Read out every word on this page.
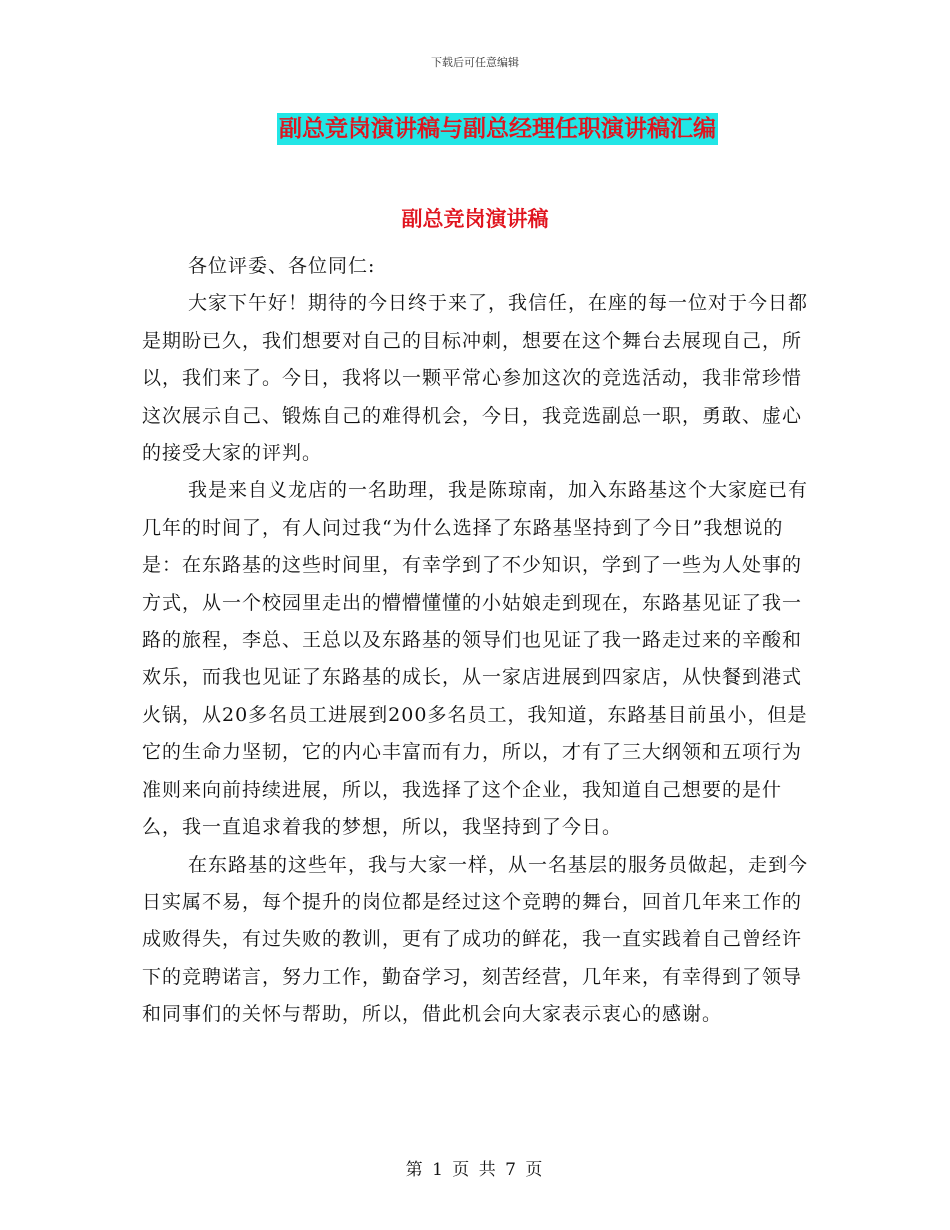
下载后可任意编辑
副总竞岗演讲稿与副总经理任职演讲稿汇编
副总竞岗演讲稿

各位评委、各位同仁:

大家下午好！期待的今日终于来了，我信任，在座的每一位对于今日都是期盼已久，我们想要对自己的目标冲刺，想要在这个舞台去展现自己，所以，我们来了。今日，我将以一颗平常心参加这次的竞选活动，我非常珍惜这次展示自己、锻炼自己的难得机会，今日，我竞选副总一职，勇敢、虚心的接受大家的评判。

我是来自义龙店的一名助理，我是陈琼南，加入东路基这个大家庭已有几年的时间了，有人问过我“为什么选择了东路基坚持到了今日”我想说的是：在东路基的这些时间里，有幸学到了不少知识，学到了一些为人处事的方式，从一个校园里走出的懵懵懂懂的小姑娘走到现在，东路基见证了我一路的旅程，李总、王总以及东路基的领导们也见证了我一路走过来的辛酸和欢乐，而我也见证了东路基的成长，从一家店进展到四家店，从快餐到港式火锅，从20多名员工进展到200多名员工，我知道，东路基目前虽小，但是它的生命力坚韧，它的内心丰富而有力，所以，才有了三大纲领和五项行为准则来向前持续进展，所以，我选择了这个企业，我知道自己想要的是什么，我一直追求着我的梦想，所以，我坚持到了今日。

在东路基的这些年，我与大家一样，从一名基层的服务员做起，走到今日实属不易，每个提升的岗位都是经过这个竞聘的舞台，回首几年来工作的成败得失，有过失败的教训，更有了成功的鲜花，我一直实践着自己曾经许下的竞聘诺言，努力工作，勤奋学习，刻苦经营，几年来，有幸得到了领导和同事们的关怀与帮助，所以，借此机会向大家表示衷心的感谢。

第 1 页 共 7 页
